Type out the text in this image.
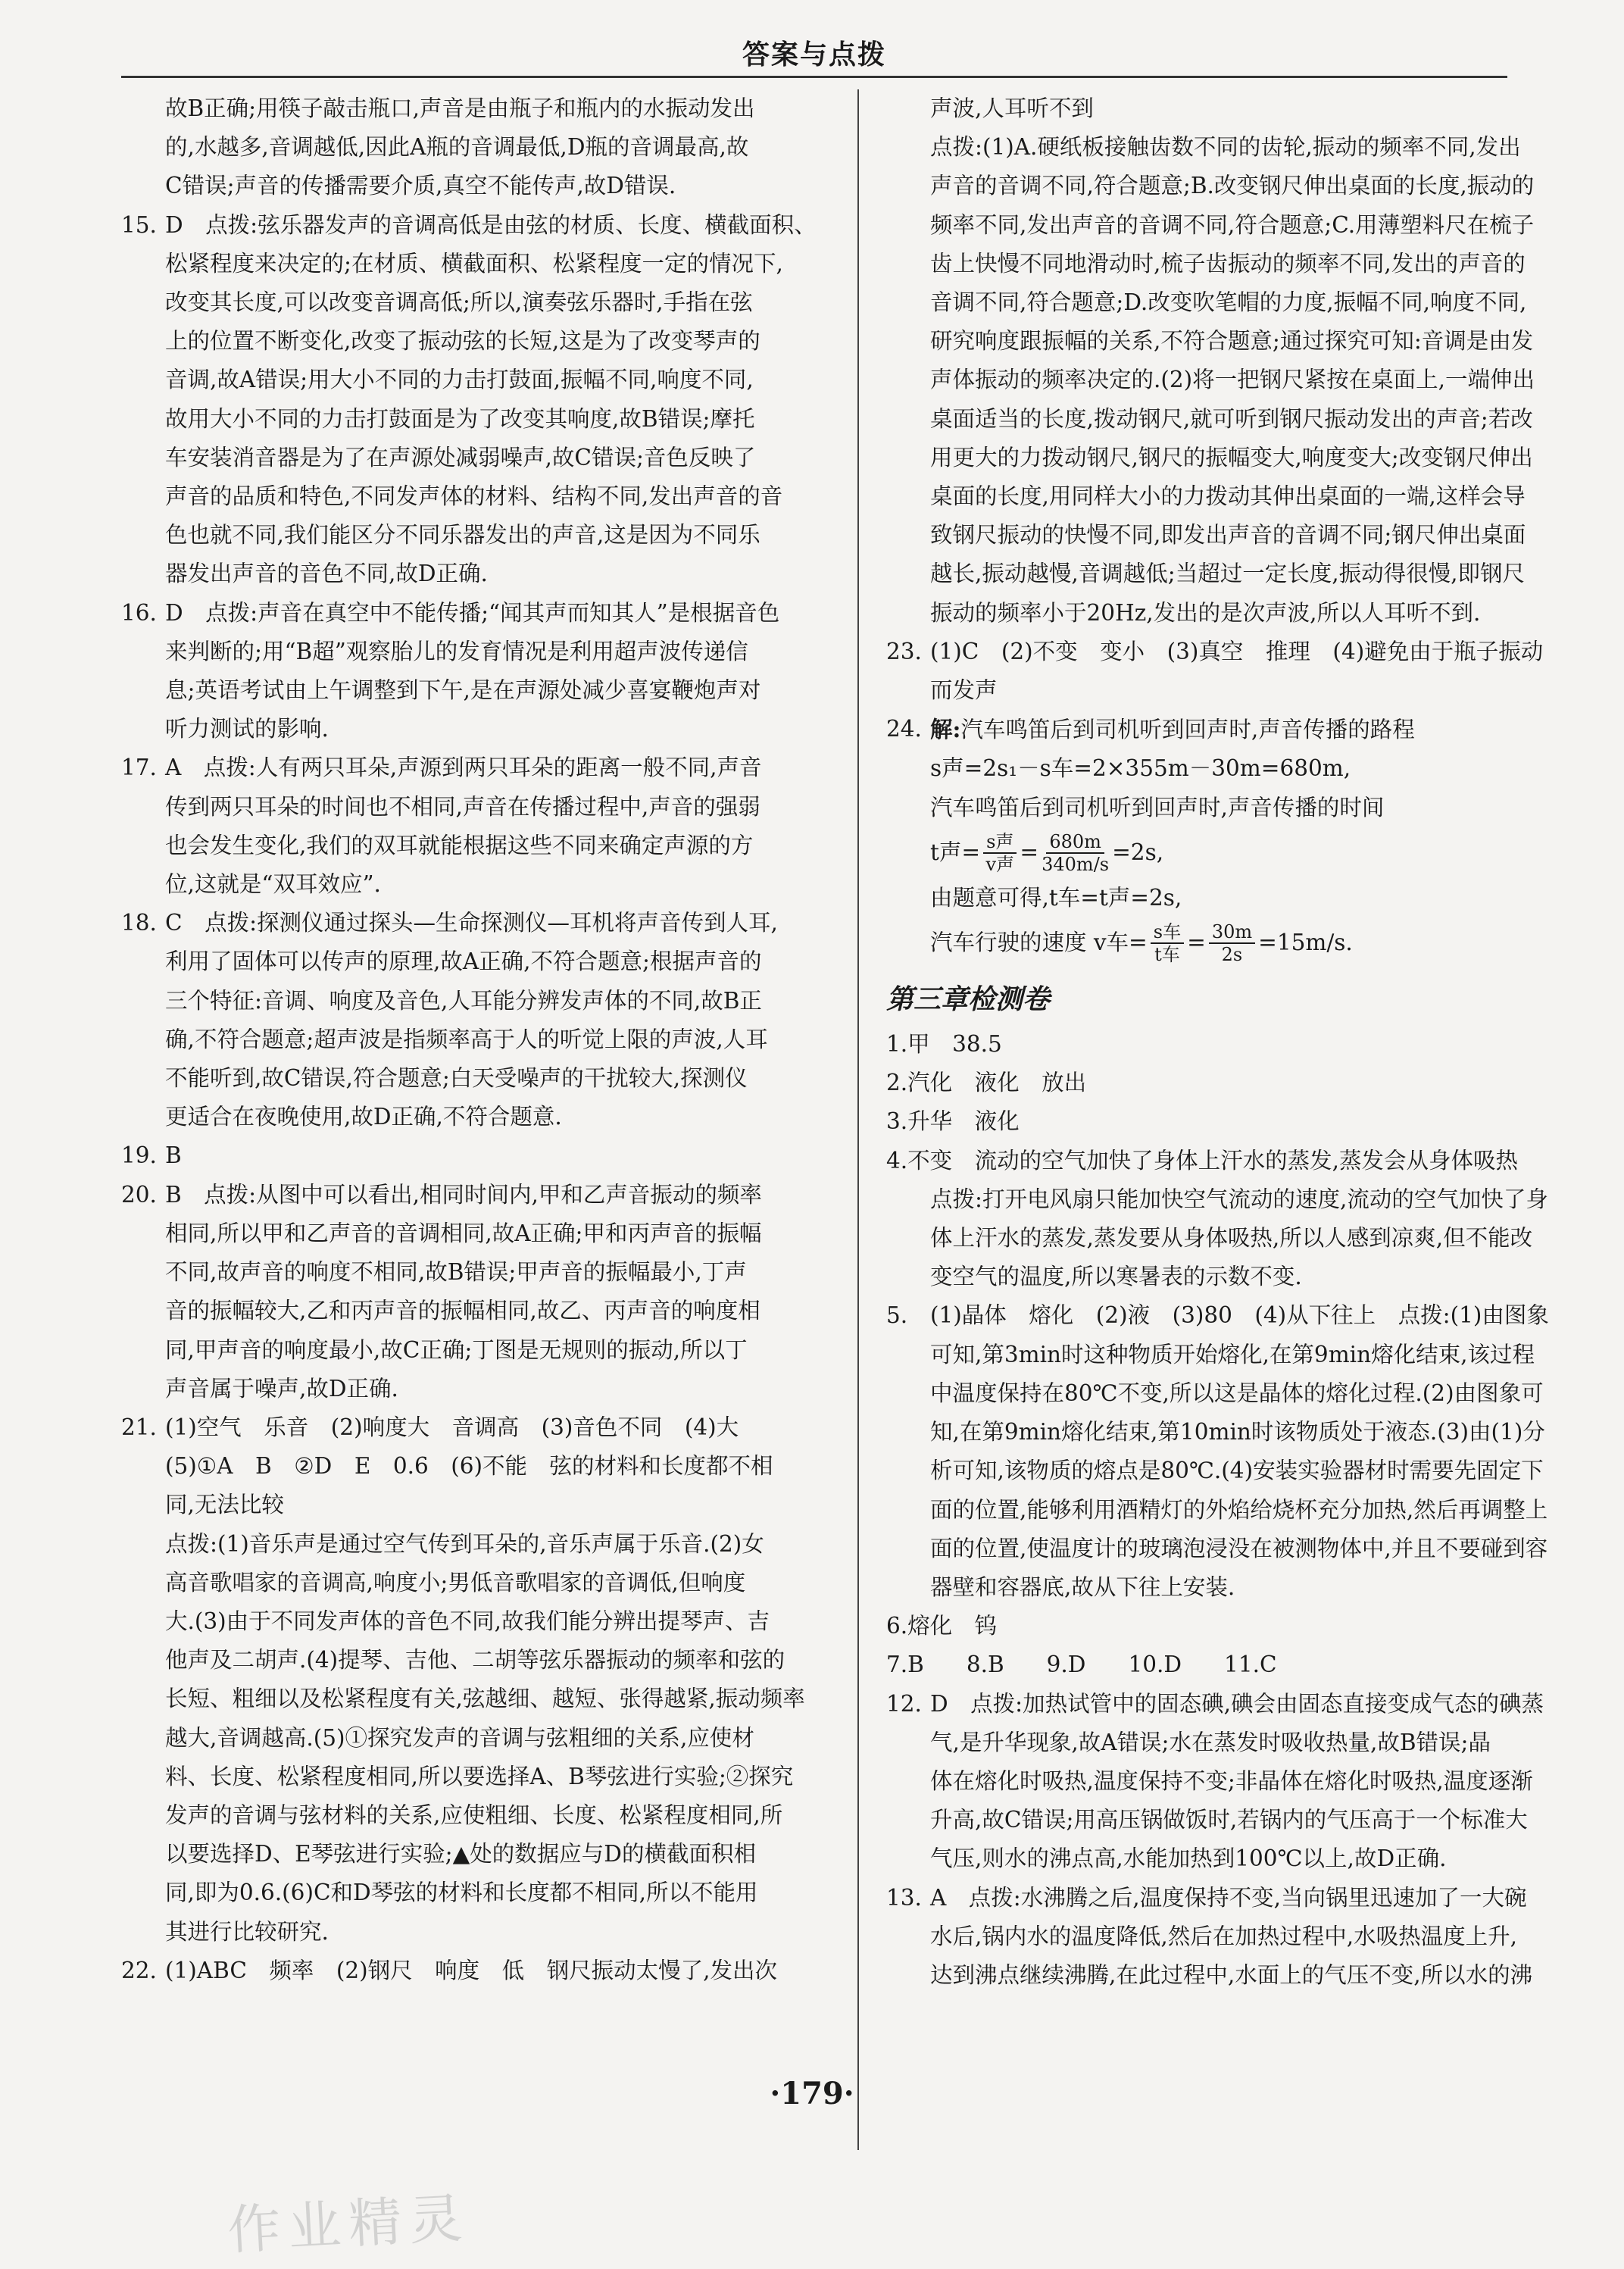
答案与点拨
故B正确;用筷子敲击瓶口,声音是由瓶子和瓶内的水振动发出
的,水越多,音调越低,因此A瓶的音调最低,D瓶的音调最高,故
C错误;声音的传播需要介质,真空不能传声,故D错误.
15. D　点拨:弦乐器发声的音调高低是由弦的材质、长度、横截面积、
松紧程度来决定的;在材质、横截面积、松紧程度一定的情况下,
改变其长度,可以改变音调高低;所以,演奏弦乐器时,手指在弦
上的位置不断变化,改变了振动弦的长短,这是为了改变琴声的
音调,故A错误;用大小不同的力击打鼓面,振幅不同,响度不同,
故用大小不同的力击打鼓面是为了改变其响度,故B错误;摩托
车安装消音器是为了在声源处减弱噪声,故C错误;音色反映了
声音的品质和特色,不同发声体的材料、结构不同,发出声音的音
色也就不同,我们能区分不同乐器发出的声音,这是因为不同乐
器发出声音的音色不同,故D正确.
16. D　点拨:声音在真空中不能传播;“闻其声而知其人”是根据音色
来判断的;用“B超”观察胎儿的发育情况是利用超声波传递信
息;英语考试由上午调整到下午,是在声源处减少喜宴鞭炮声对
听力测试的影响.
17. A　点拨:人有两只耳朵,声源到两只耳朵的距离一般不同,声音
传到两只耳朵的时间也不相同,声音在传播过程中,声音的强弱
也会发生变化,我们的双耳就能根据这些不同来确定声源的方
位,这就是“双耳效应”.
18. C　点拨:探测仪通过探头—生命探测仪—耳机将声音传到人耳,
利用了固体可以传声的原理,故A正确,不符合题意;根据声音的
三个特征:音调、响度及音色,人耳能分辨发声体的不同,故B正
确,不符合题意;超声波是指频率高于人的听觉上限的声波,人耳
不能听到,故C错误,符合题意;白天受噪声的干扰较大,探测仪
更适合在夜晚使用,故D正确,不符合题意.
19. B
20. B　点拨:从图中可以看出,相同时间内,甲和乙声音振动的频率
相同,所以甲和乙声音的音调相同,故A正确;甲和丙声音的振幅
不同,故声音的响度不相同,故B错误;甲声音的振幅最小,丁声
音的振幅较大,乙和丙声音的振幅相同,故乙、丙声音的响度相
同,甲声音的响度最小,故C正确;丁图是无规则的振动,所以丁
声音属于噪声,故D正确.
21. (1)空气　乐音　(2)响度大　音调高　(3)音色不同　(4)大
(5)①A　B　②D　E　0.6　(6)不能　弦的材料和长度都不相
同,无法比较
点拨:(1)音乐声是通过空气传到耳朵的,音乐声属于乐音.(2)女
高音歌唱家的音调高,响度小;男低音歌唱家的音调低,但响度
大.(3)由于不同发声体的音色不同,故我们能分辨出提琴声、吉
他声及二胡声.(4)提琴、吉他、二胡等弦乐器振动的频率和弦的
长短、粗细以及松紧程度有关,弦越细、越短、张得越紧,振动频率
越大,音调越高.(5)①探究发声的音调与弦粗细的关系,应使材
料、长度、松紧程度相同,所以要选择A、B琴弦进行实验;②探究
发声的音调与弦材料的关系,应使粗细、长度、松紧程度相同,所
以要选择D、E琴弦进行实验;▲处的数据应与D的横截面积相
同,即为0.6.(6)C和D琴弦的材料和长度都不相同,所以不能用
其进行比较研究.
22. (1)ABC　频率　(2)钢尺　响度　低　钢尺振动太慢了,发出次
声波,人耳听不到
点拨:(1)A.硬纸板接触齿数不同的齿轮,振动的频率不同,发出
声音的音调不同,符合题意;B.改变钢尺伸出桌面的长度,振动的
频率不同,发出声音的音调不同,符合题意;C.用薄塑料尺在梳子
齿上快慢不同地滑动时,梳子齿振动的频率不同,发出的声音的
音调不同,符合题意;D.改变吹笔帽的力度,振幅不同,响度不同,
研究响度跟振幅的关系,不符合题意;通过探究可知:音调是由发
声体振动的频率决定的.(2)将一把钢尺紧按在桌面上,一端伸出
桌面适当的长度,拨动钢尺,就可听到钢尺振动发出的声音;若改
用更大的力拨动钢尺,钢尺的振幅变大,响度变大;改变钢尺伸出
桌面的长度,用同样大小的力拨动其伸出桌面的一端,这样会导
致钢尺振动的快慢不同,即发出声音的音调不同;钢尺伸出桌面
越长,振动越慢,音调越低;当超过一定长度,振动得很慢,即钢尺
振动的频率小于20Hz,发出的是次声波,所以人耳听不到.
23. (1)C　(2)不变　变小　(3)真空　推理　(4)避免由于瓶子振动
而发声
24. 解:汽车鸣笛后到司机听到回声时,声音传播的路程
s声=2s₁－s车=2×355m－30m=680m,
汽车鸣笛后到司机听到回声时,声音传播的时间
t声= $\frac{\text{s声}}{\text{v声}} = \frac{680m}{340m/s} =2s$,
由题意可得,t车=t声=2s,
汽车行驶的速度 v车= $\frac{\text{s车}}{\text{t车}} = \frac{30m}{2s} =15m/s$.
第三章检测卷
1.甲　38.5
2.汽化　液化　放出
3.升华　液化
4.不变　流动的空气加快了身体上汗水的蒸发,蒸发会从身体吸热
点拨:打开电风扇只能加快空气流动的速度,流动的空气加快了身
体上汗水的蒸发,蒸发要从身体吸热,所以人感到凉爽,但不能改
变空气的温度,所以寒暑表的示数不变.
5. (1)晶体　熔化　(2)液　(3)80　(4)从下往上　点拨:(1)由图象
可知,第3min时这种物质开始熔化,在第9min熔化结束,该过程
中温度保持在80℃不变,所以这是晶体的熔化过程.(2)由图象可
知,在第9min熔化结束,第10min时该物质处于液态.(3)由(1)分
析可知,该物质的熔点是80℃.(4)安装实验器材时需要先固定下
面的位置,能够利用酒精灯的外焰给烧杯充分加热,然后再调整上
面的位置,使温度计的玻璃泡浸没在被测物体中,并且不要碰到容
器壁和容器底,故从下往上安装.
6.熔化　钨
7.B 8.B 9.D 10.D 11.C
12. D　点拨:加热试管中的固态碘,碘会由固态直接变成气态的碘蒸
气,是升华现象,故A错误;水在蒸发时吸收热量,故B错误;晶
体在熔化时吸热,温度保持不变;非晶体在熔化时吸热,温度逐渐
升高,故C错误;用高压锅做饭时,若锅内的气压高于一个标准大
气压,则水的沸点高,水能加热到100℃以上,故D正确.
13. A　点拨:水沸腾之后,温度保持不变,当向锅里迅速加了一大碗
水后,锅内水的温度降低,然后在加热过程中,水吸热温度上升,
达到沸点继续沸腾,在此过程中,水面上的气压不变,所以水的沸
·179·
作业精灵
